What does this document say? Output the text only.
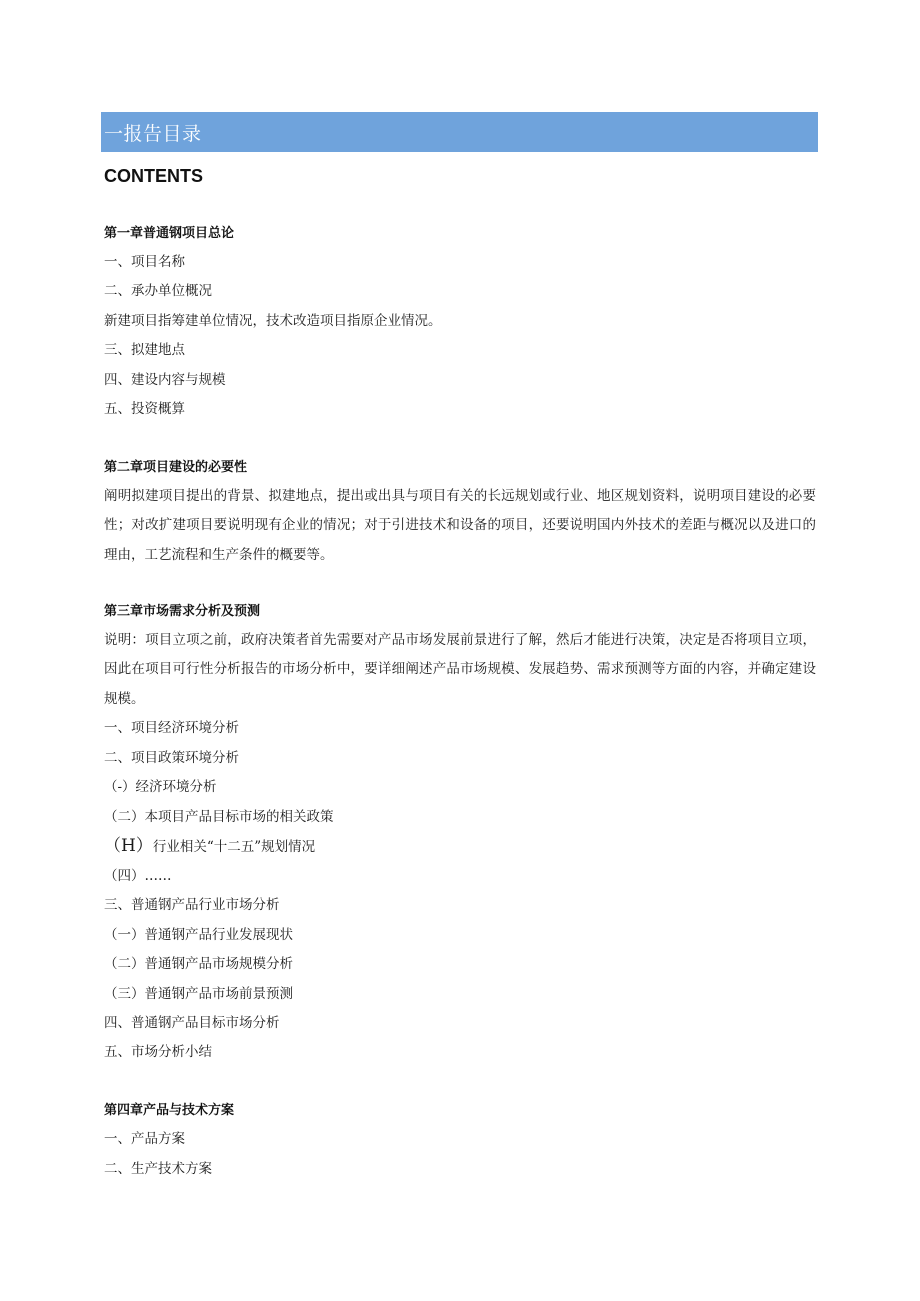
一报告目录
CONTENTS
第一章普通钢项目总论
一、项目名称
二、承办单位概况
新建项目指筹建单位情况，技术改造项目指原企业情况。
三、拟建地点
四、建设内容与规模
五、投资概算
第二章项目建设的必要性

阐明拟建项目提出的背景、拟建地点，提出或出具与项目有关的长远规划或行业、地区规划资料，说明项目建设的必要性；对改扩建项目要说明现有企业的情况；对于引进技术和设备的项目，还要说明国内外技术的差距与概况以及进口的理由，工艺流程和生产条件的概要等。

第三章市场需求分析及预测

说明：项目立项之前，政府决策者首先需要对产品市场发展前景进行了解，然后才能进行决策，决定是否将项目立项，因此在项目可行性分析报告的市场分析中，要详细阐述产品市场规模、发展趋势、需求预测等方面的内容，并确定建设规模。

一、项目经济环境分析
二、项目政策环境分析
（-）经济环境分析
（二）本项目产品目标市场的相关政策
（H）行业相关“十二五”规划情况
（四）……
三、普通钢产品行业市场分析
（一）普通钢产品行业发展现状
（二）普通钢产品市场规模分析
（三）普通钢产品市场前景预测
四、普通钢产品目标市场分析
五、市场分析小结
第四章产品与技术方案
一、产品方案
二、生产技术方案
